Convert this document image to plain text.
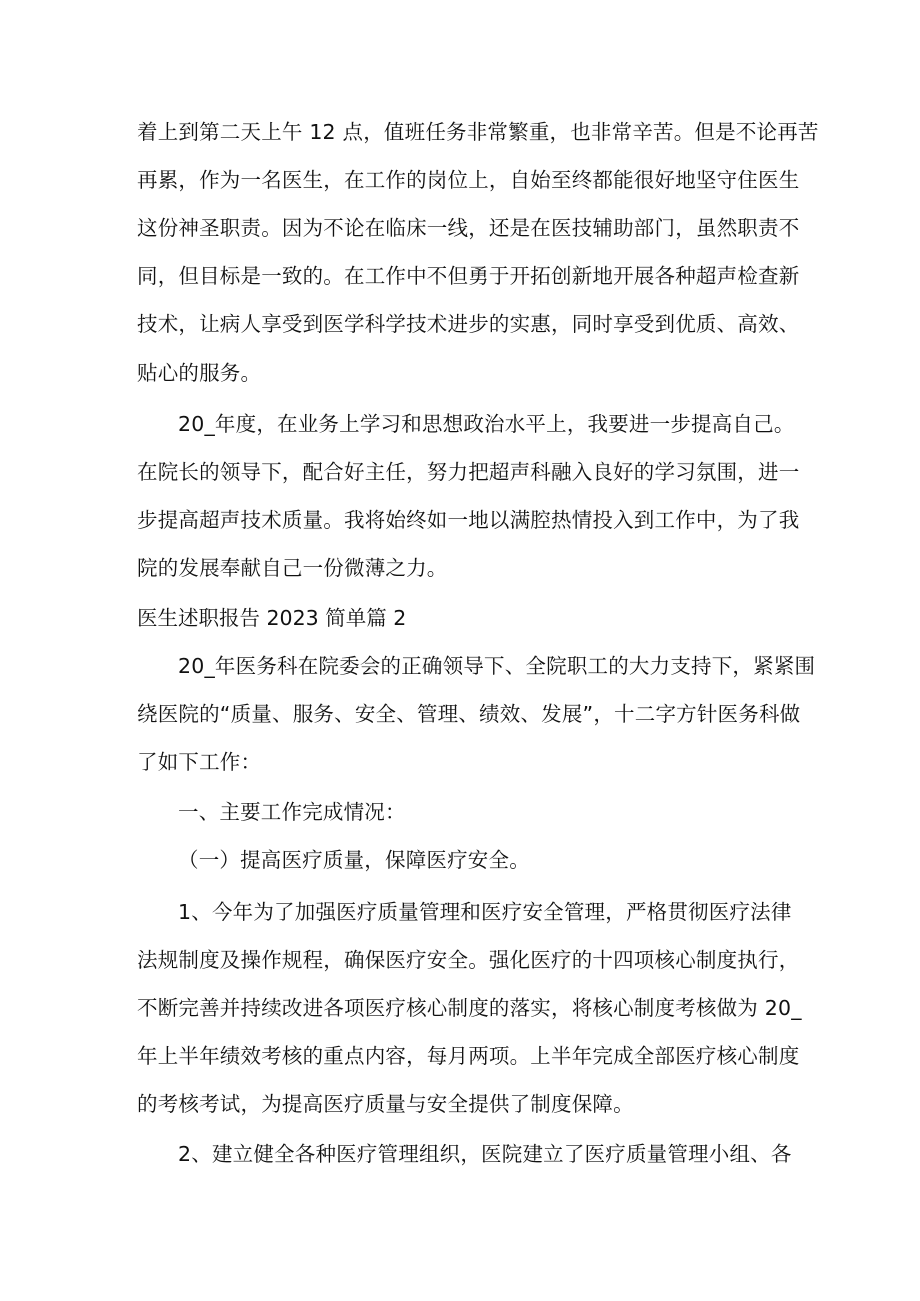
着上到第二天上午 12 点，值班任务非常繁重，也非常辛苦。但是不论再苦

再累，作为一名医生，在工作的岗位上，自始至终都能很好地坚守住医生

这份神圣职责。因为不论在临床一线，还是在医技辅助部门，虽然职责不

同，但目标是一致的。在工作中不但勇于开拓创新地开展各种超声检查新

技术，让病人享受到医学科学技术进步的实惠，同时享受到优质、高效、

贴心的服务。

20_年度，在业务上学习和思想政治水平上，我要进一步提高自己。

在院长的领导下，配合好主任，努力把超声科融入良好的学习氛围，进一

步提高超声技术质量。我将始终如一地以满腔热情投入到工作中，为了我

院的发展奉献自己一份微薄之力。

医生述职报告 2023 简单篇 2

20_年医务科在院委会的正确领导下、全院职工的大力支持下，紧紧围

绕医院的“质量、服务、安全、管理、绩效、发展”，十二字方针医务科做

了如下工作：

一、主要工作完成情况：

（一）提高医疗质量，保障医疗安全。

1、今年为了加强医疗质量管理和医疗安全管理，严格贯彻医疗法律

法规制度及操作规程，确保医疗安全。强化医疗的十四项核心制度执行，

不断完善并持续改进各项医疗核心制度的落实，将核心制度考核做为 20_

年上半年绩效考核的重点内容，每月两项。上半年完成全部医疗核心制度

的考核考试，为提高医疗质量与安全提供了制度保障。

2、建立健全各种医疗管理组织，医院建立了医疗质量管理小组、各
